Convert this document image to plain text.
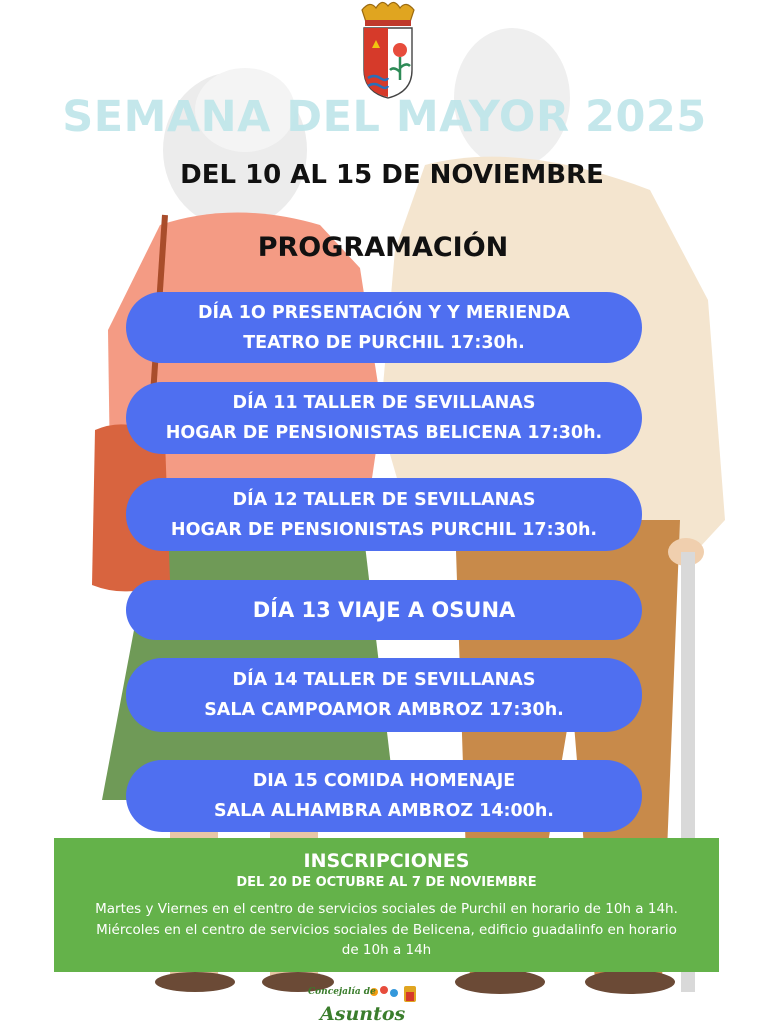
SEMANA DEL MAYOR 2025
DEL 10 AL 15 DE NOVIEMBRE
PROGRAMACIÓN
DÍA 1O PRESENTACIÓN Y Y MERIENDA
TEATRO DE PURCHIL 17:30h.
DÍA 11 TALLER DE SEVILLANAS
HOGAR DE PENSIONISTAS BELICENA 17:30h.
DÍA 12 TALLER DE SEVILLANAS
HOGAR DE PENSIONISTAS PURCHIL 17:30h.
DÍA 13 VIAJE A OSUNA
DÍA 14 TALLER DE SEVILLANAS
SALA CAMPOAMOR AMBROZ 17:30h.
DIA 15 COMIDA HOMENAJE
SALA ALHAMBRA AMBROZ 14:00h.
INSCRIPCIONES
DEL 20 DE OCTUBRE AL 7 DE NOVIEMBRE
Martes y Viernes en el centro de servicios sociales de Purchil en horario de 10h a 14h.
Miércoles en el centro de servicios sociales de Belicena, edificio guadalinfo en horario
de 10h a 14h
Concejalía de
Asuntos
